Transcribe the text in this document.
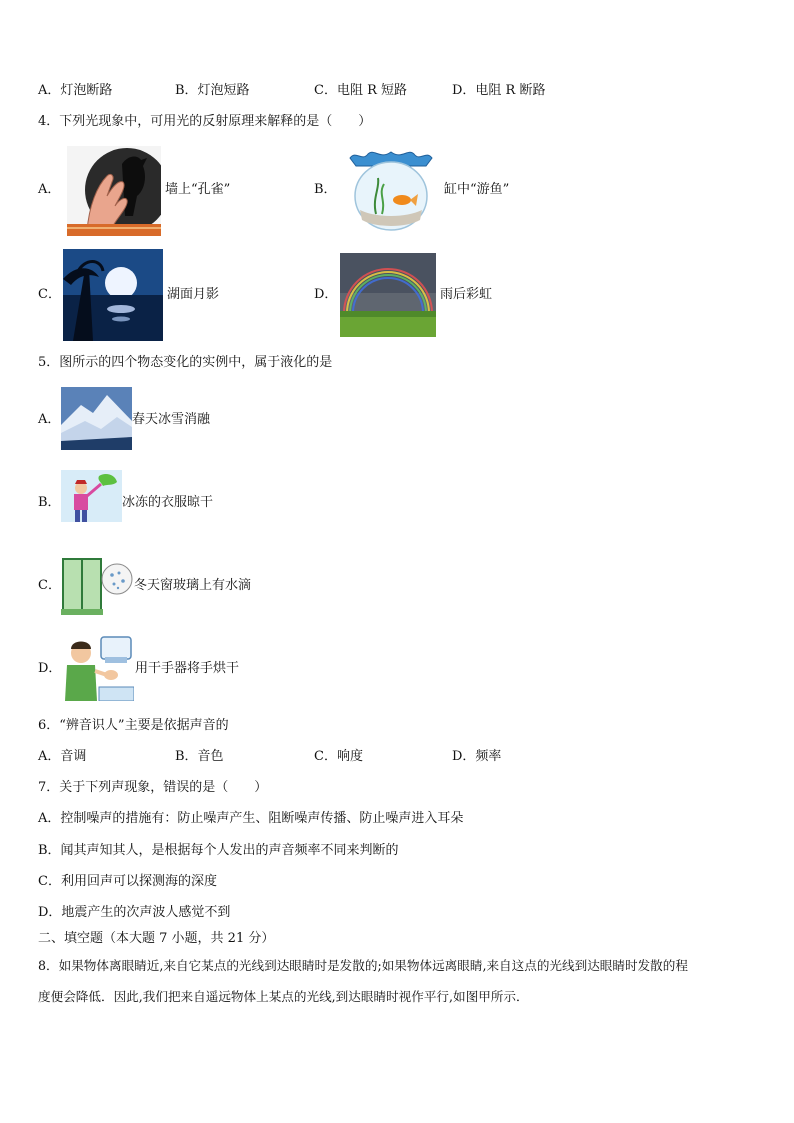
A．灯泡断路	B．灯泡短路	C．电阻 R 短路	D．电阻 R 断路
4．下列光现象中，可用光的反射原理来解释的是（　　）
A．	墙上“孔雀”	B．	缸中“游鱼”
C．	湖面月影	D．	雨后彩虹
5．图所示的四个物态变化的实例中，属于液化的是
A．	春天冰雪消融
B．	冰冻的衣服晾干
C．	冬天窗玻璃上有水滴
D．	用干手器将手烘干
6．“辨音识人”主要是依据声音的
A．音调	B．音色	C．响度	D．频率
7．关于下列声现象，错误的是（　　）
A．控制噪声的措施有：防止噪声产生、阻断噪声传播、防止噪声进入耳朵
B．闻其声知其人，是根据每个人发出的声音频率不同来判断的
C．利用回声可以探测海的深度
D．地震产生的次声波人感觉不到
二、填空题（本大题 7 小题，共 21 分）
8．如果物体离眼睛近,来自它某点的光线到达眼睛时是发散的;如果物体远离眼睛,来自这点的光线到达眼睛时发散的程
度便会降低．因此,我们把来自遥远物体上某点的光线,到达眼睛时视作平行,如图甲所示．
